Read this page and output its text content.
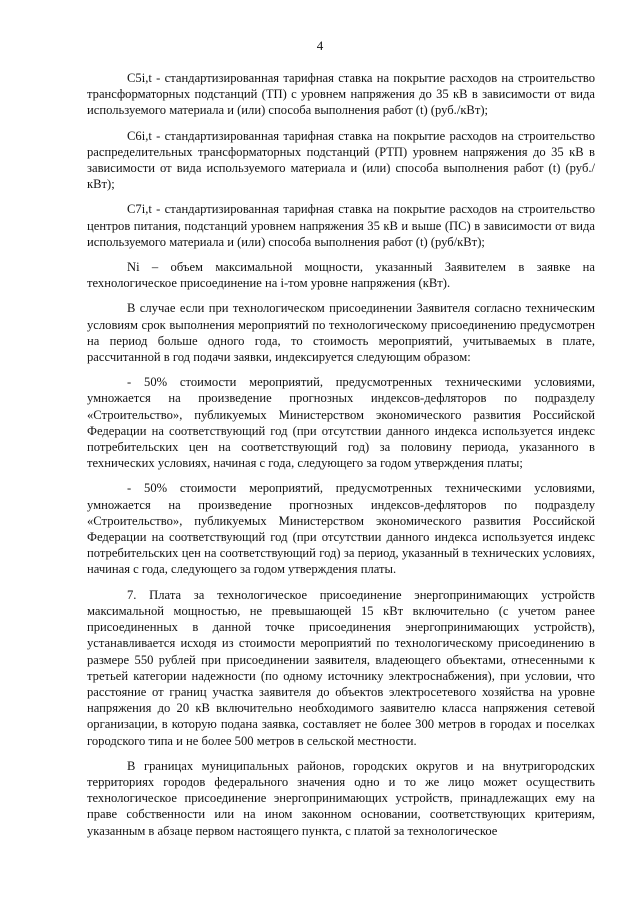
4

C5i,t - стандартизированная тарифная ставка на покрытие расходов на строительство трансформаторных подстанций (ТП) с уровнем напряжения до 35 кВ в зависимости от вида используемого материала и (или) способа выполнения работ (t) (руб./кВт);

C6i,t - стандартизированная тарифная ставка на покрытие расходов на строительство распределительных трансформаторных подстанций (РТП) уровнем напряжения до 35 кВ в зависимости от вида используемого материала и (или) способа выполнения работ (t) (руб./кВт);

C7i,t - стандартизированная тарифная ставка на покрытие расходов на строительство центров питания, подстанций уровнем напряжения 35 кВ и выше (ПС) в зависимости от вида используемого материала и (или) способа выполнения работ (t) (руб/кВт);

Ni – объем максимальной мощности, указанный Заявителем в заявке на технологическое присоединение на i-том уровне напряжения (кВт).

В случае если при технологическом присоединении Заявителя согласно техническим условиям срок выполнения мероприятий по технологическому присоединению предусмотрен на период больше одного года, то стоимость мероприятий, учитываемых в плате, рассчитанной в год подачи заявки, индексируется следующим образом:

- 50% стоимости мероприятий, предусмотренных техническими условиями, умножается на произведение прогнозных индексов-дефляторов по подразделу «Строительство», публикуемых Министерством экономического развития Российской Федерации на соответствующий год (при отсутствии данного индекса используется индекс потребительских цен на соответствующий год) за половину периода, указанного в технических условиях, начиная с года, следующего за годом утверждения платы;

- 50% стоимости мероприятий, предусмотренных техническими условиями, умножается на произведение прогнозных индексов-дефляторов по подразделу «Строительство», публикуемых Министерством экономического развития Российской Федерации на соответствующий год (при отсутствии данного индекса используется индекс потребительских цен на соответствующий год) за период, указанный в технических условиях, начиная с года, следующего за годом утверждения платы.

7. Плата за технологическое присоединение энергопринимающих устройств максимальной мощностью, не превышающей 15 кВт включительно (с учетом ранее присоединенных в данной точке присоединения энергопринимающих устройств), устанавливается исходя из стоимости мероприятий по технологическому присоединению в размере 550 рублей при присоединении заявителя, владеющего объектами, отнесенными к третьей категории надежности (по одному источнику электроснабжения), при условии, что расстояние от границ участка заявителя до объектов электросетевого хозяйства на уровне напряжения до 20 кВ включительно необходимого заявителю класса напряжения сетевой организации, в которую подана заявка, составляет не более 300 метров в городах и поселках городского типа и не более 500 метров в сельской местности.

В границах муниципальных районов, городских округов и на внутригородских территориях городов федерального значения одно и то же лицо может осуществить технологическое присоединение энергопринимающих устройств, принадлежащих ему на праве собственности или на ином законном основании, соответствующих критериям, указанным в абзаце первом настоящего пункта, с платой за технологическое
